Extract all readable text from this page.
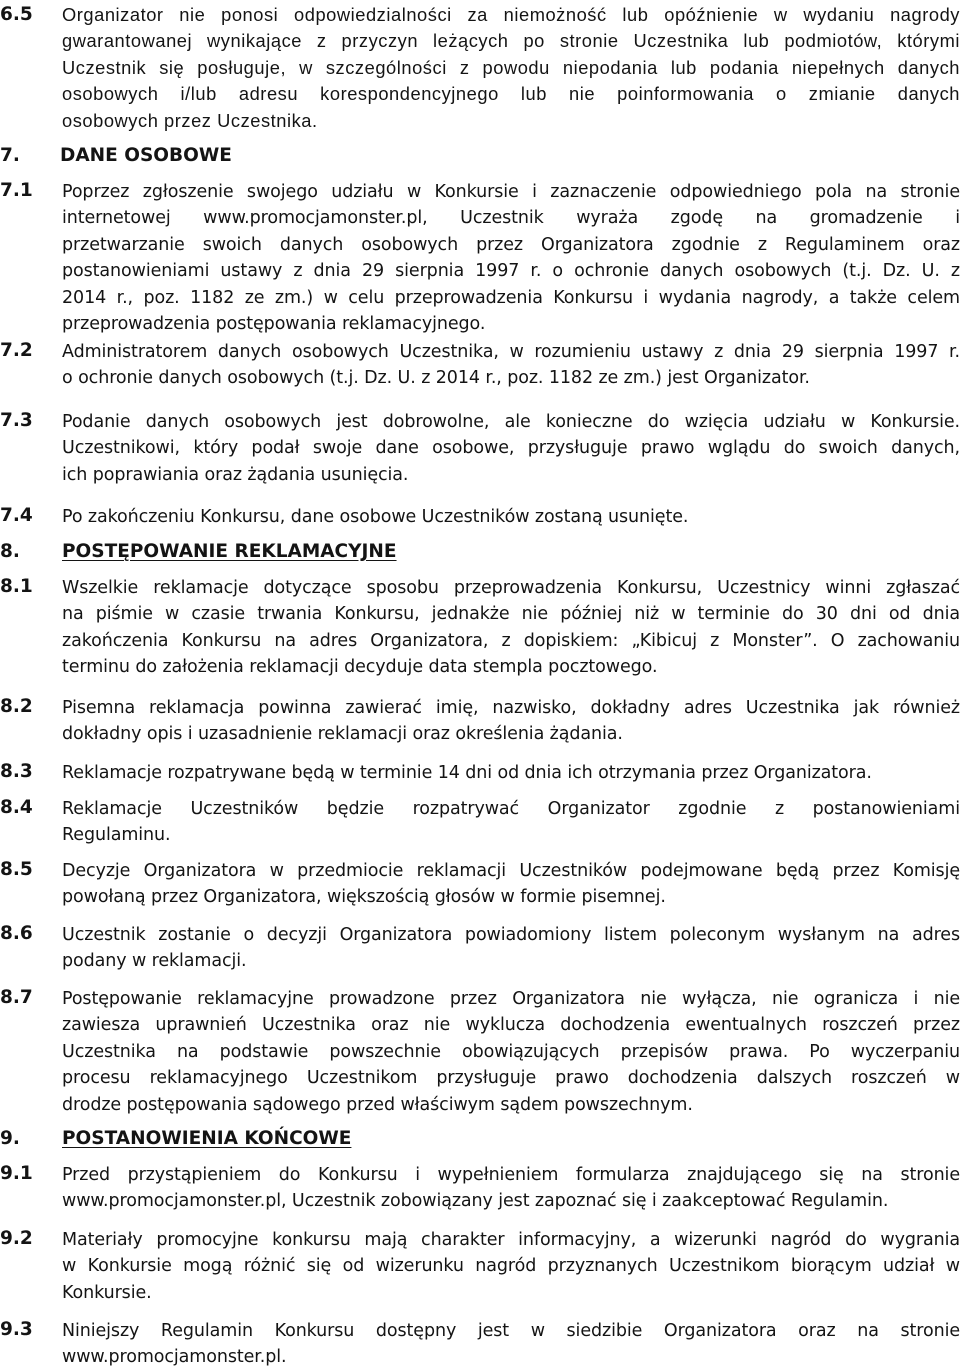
6.5 Organizator nie ponosi odpowiedzialności za niemożność lub opóźnienie w wydaniu nagrody
gwarantowanej wynikające z przyczyn leżących po stronie Uczestnika lub podmiotów, którymi
Uczestnik się posługuje, w szczególności z powodu niepodania lub podania niepełnych danych
osobowych i/lub adresu korespondencyjnego lub nie poinformowania o zmianie danych
osobowych przez Uczestnika.
7. DANE OSOBOWE
7.1 Poprzez zgłoszenie swojego udziału w Konkursie i zaznaczenie odpowiedniego pola na stronie
internetowej www.promocjamonster.pl, Uczestnik wyraża zgodę na gromadzenie i
przetwarzanie swoich danych osobowych przez Organizatora zgodnie z Regulaminem oraz
postanowieniami ustawy z dnia 29 sierpnia 1997 r. o ochronie danych osobowych (t.j. Dz. U. z
2014 r., poz. 1182 ze zm.) w celu przeprowadzenia Konkursu i wydania nagrody, a także celem
przeprowadzenia postępowania reklamacyjnego.
7.2 Administratorem danych osobowych Uczestnika, w rozumieniu ustawy z dnia 29 sierpnia 1997 r.
o ochronie danych osobowych (t.j. Dz. U. z 2014 r., poz. 1182 ze zm.) jest Organizator.
7.3 Podanie danych osobowych jest dobrowolne, ale konieczne do wzięcia udziału w Konkursie.
Uczestnikowi, który podał swoje dane osobowe, przysługuje prawo wglądu do swoich danych,
ich poprawiania oraz żądania usunięcia.
7.4 Po zakończeniu Konkursu, dane osobowe Uczestników zostaną usunięte.
8. POSTĘPOWANIE REKLAMACYJNE
8.1 Wszelkie reklamacje dotyczące sposobu przeprowadzenia Konkursu, Uczestnicy winni zgłaszać
na piśmie w czasie trwania Konkursu, jednakże nie później niż w terminie do 30 dni od dnia
zakończenia Konkursu na adres Organizatora, z dopiskiem: „Kibicuj z Monster”. O zachowaniu
terminu do założenia reklamacji decyduje data stempla pocztowego.
8.2 Pisemna reklamacja powinna zawierać imię, nazwisko, dokładny adres Uczestnika jak również
dokładny opis i uzasadnienie reklamacji oraz określenia żądania.
8.3 Reklamacje rozpatrywane będą w terminie 14 dni od dnia ich otrzymania przez Organizatora.
8.4 Reklamacje Uczestników będzie rozpatrywać Organizator zgodnie z postanowieniami
Regulaminu.
8.5 Decyzje Organizatora w przedmiocie reklamacji Uczestników podejmowane będą przez Komisję
powołaną przez Organizatora, większością głosów w formie pisemnej.
8.6 Uczestnik zostanie o decyzji Organizatora powiadomiony listem poleconym wysłanym na adres
podany w reklamacji.
8.7 Postępowanie reklamacyjne prowadzone przez Organizatora nie wyłącza, nie ogranicza i nie
zawiesza uprawnień Uczestnika oraz nie wyklucza dochodzenia ewentualnych roszczeń przez
Uczestnika na podstawie powszechnie obowiązujących przepisów prawa. Po wyczerpaniu
procesu reklamacyjnego Uczestnikom przysługuje prawo dochodzenia dalszych roszczeń w
drodze postępowania sądowego przed właściwym sądem powszechnym.
9. POSTANOWIENIA KOŃCOWE
9.1 Przed przystąpieniem do Konkursu i wypełnieniem formularza znajdującego się na stronie
www.promocjamonster.pl, Uczestnik zobowiązany jest zapoznać się i zaakceptować Regulamin.
9.2 Materiały promocyjne konkursu mają charakter informacyjny, a wizerunki nagród do wygrania
w Konkursie mogą różnić się od wizerunku nagród przyznanych Uczestnikom biorącym udział w
Konkursie.
9.3 Niniejszy Regulamin Konkursu dostępny jest w siedzibie Organizatora oraz na stronie
www.promocjamonster.pl.
